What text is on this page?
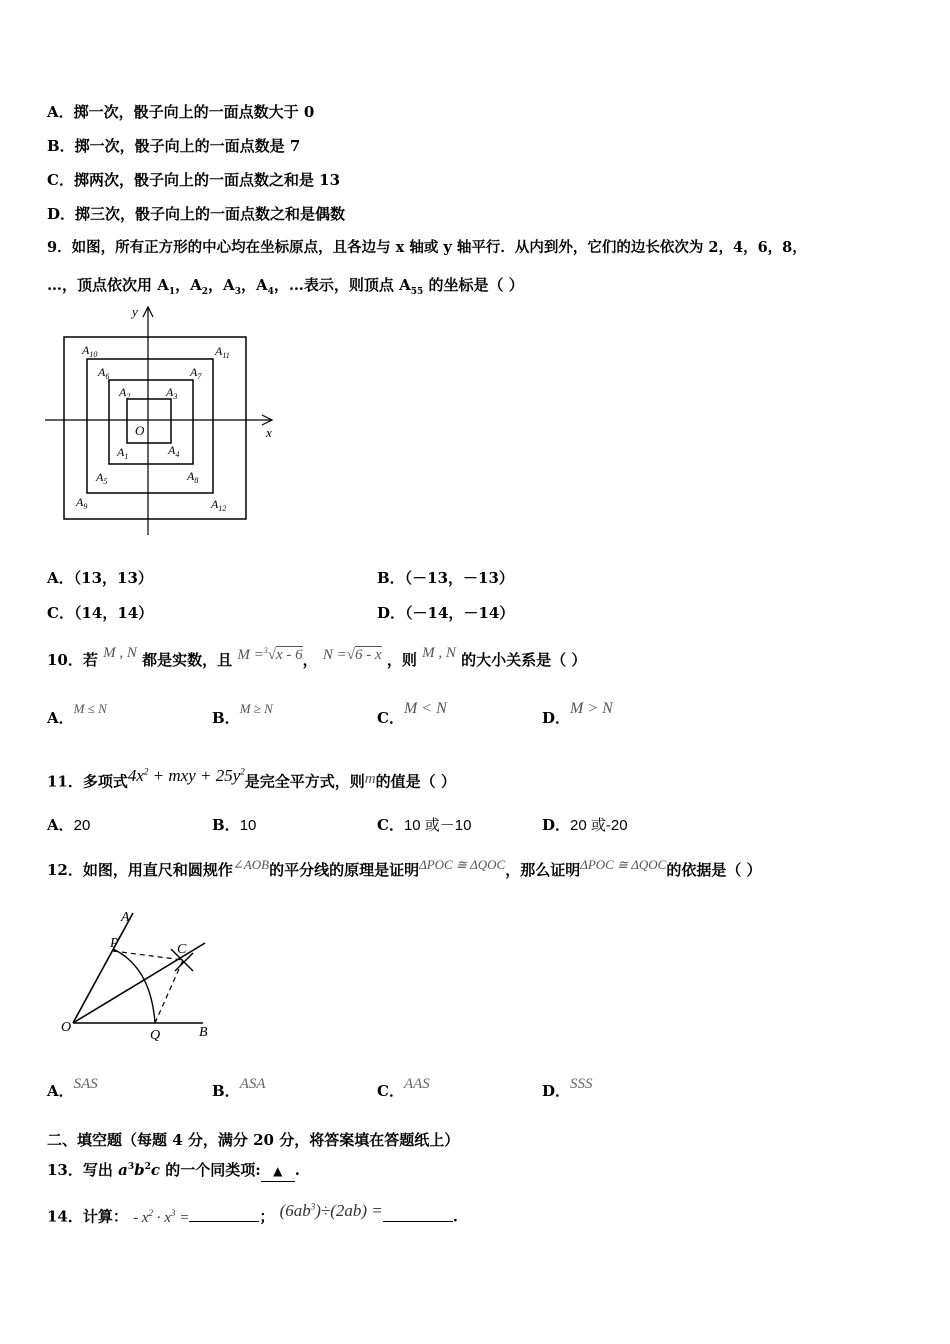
A．掷一次，骰子向上的一面点数大于 0
B．掷一次，骰子向上的一面点数是 7
C．掷两次，骰子向上的一面点数之和是 13
D．掷三次，骰子向上的一面点数之和是偶数
9．如图，所有正方形的中心均在坐标原点，且各边与 x 轴或 y 轴平行．从内到外，它们的边长依次为 2，4，6，8，
…，顶点依次用 $A_1$，$A_2$，$A_3$，$A_4$，…表示，则顶点 $A_{55}$ 的坐标是（ ）
x
y
O
$A_1$
$A_2$	$A_3$
$A_4$
$A_5$
$A_6$	$A_7$
$A_8$
$A_9$
$A_{10}$	$A_{11}$
$A_{12}$
A．（13，13）	B．（－13，－13）
C．（14，14）	D．（－14，－14）
10．若 M , N 都是实数，且 M =$^3$√x - 6， N =√6 - x ，则 M , N 的大小关系是（ ）
A．M ≤ N
B．M ≥ N
C．M < N
D．M > N
11．多项式$4x^2$ + mxy + $25y^2$是完全平方式，则m的值是（ ）
A．20	B．10	C．10 或－10	D．20 或-20
12．如图，用直尺和圆规作∠AOB的平分线的原理是证明ΔPOC ≅ ΔQOC，那么证明ΔPOC ≅ ΔQOC的依据是（ ）
A
P	C
O
Q	B
A．SAS	B．ASA	C．AAS	D．SSS
二、填空题（每题 4 分，满分 20 分，将答案填在答题纸上）
13．写出 $a^3b^2c$ 的一个同类项: ▲ .
14．计算： - $x^2 \cdot x^3$ =	； $(6ab^3)\div(2ab)$ =	.
